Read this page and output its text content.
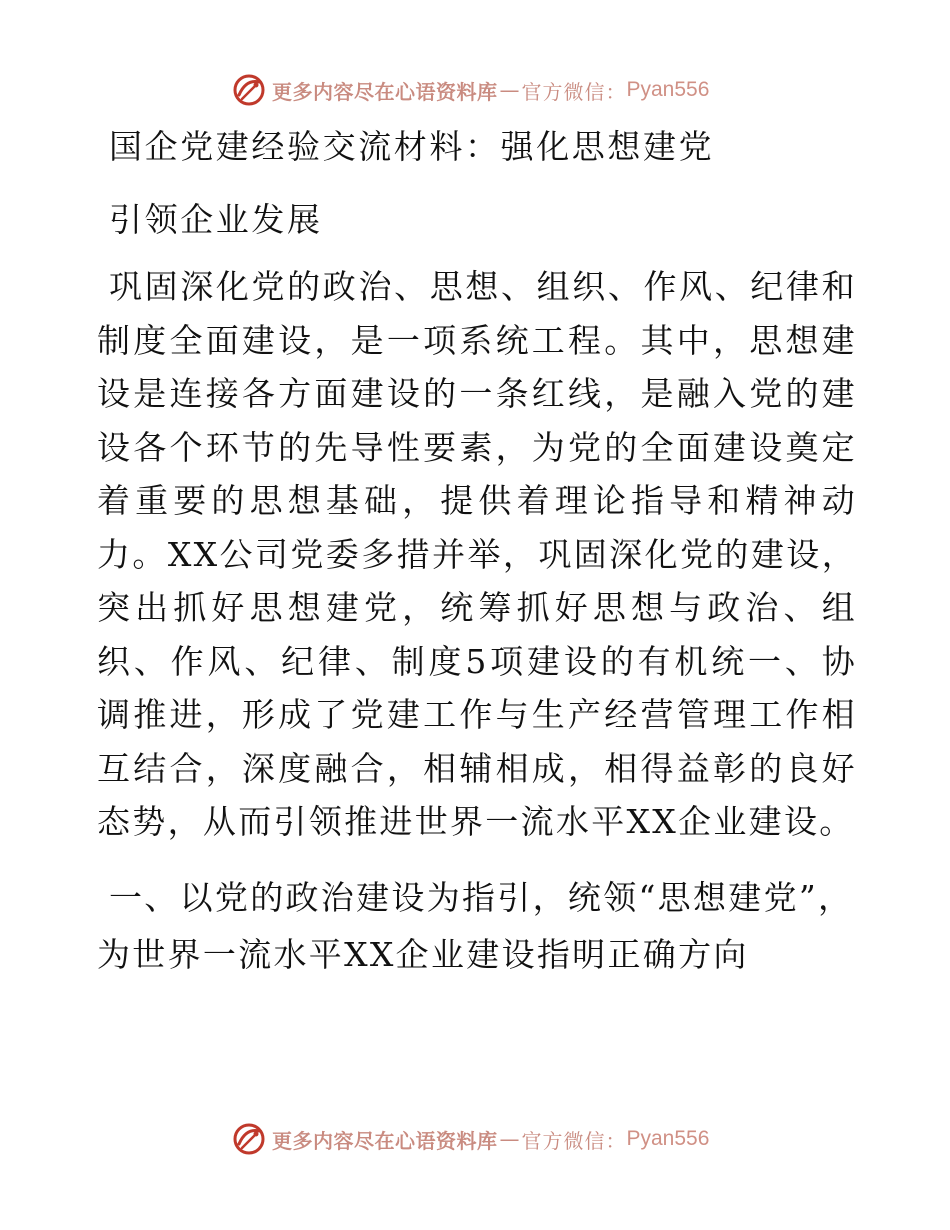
更多内容尽在心语资料库 — 官方微信： Pyan556
国企党建经验交流材料：强化思想建党
引领企业发展

巩固深化党的政治、思想、组织、作风、纪律和制度全面建设，是一项系统工程。其中，思想建设是连接各方面建设的一条红线，是融入党的建设各个环节的先导性要素，为党的全面建设奠定着重要的思想基础，提供着理论指导和精神动力。XX公司党委多措并举，巩固深化党的建设，突出抓好思想建党，统筹抓好思想与政治、组织、作风、纪律、制度5项建设的有机统一、协调推进，形成了党建工作与生产经营管理工作相互结合，深度融合，相辅相成，相得益彰的良好态势，从而引领推进世界一流水平XX企业建设。

一、以党的政治建设为指引，统领“思想建党”，为世界一流水平XX企业建设指明正确方向
更多内容尽在心语资料库 — 官方微信： Pyan556
